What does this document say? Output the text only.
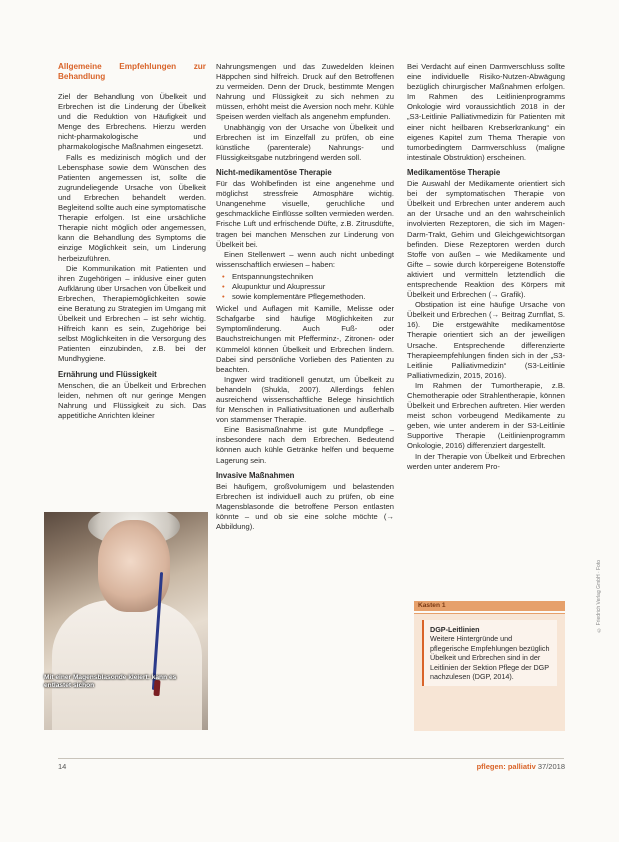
Allgemeine Empfehlungen zur Behandlung

Ziel der Behandlung von Übelkeit und Erbrechen ist die Linderung der Übelkeit und die Reduktion von Häufigkeit und Menge des Erbrechens. Hierzu werden nicht-pharmakologische und pharmakologische Maßnahmen eingesetzt.

Falls es medizinisch möglich und der Lebensphase sowie dem Wünschen des Patienten angemessen ist, sollte die zugrundeliegende Ursache von Übelkeit und Erbrechen behandelt werden. Begleitend sollte auch eine symptomatische Therapie erfolgen. Ist eine ursächliche Therapie nicht möglich oder angemessen, kann die Behandlung des Symptoms die einzige Möglichkeit sein, um Linderung herbeizuführen.

Die Kommunikation mit Patienten und ihren Zugehörigen – inklusive einer guten Aufklärung über Ursachen von Übelkeit und Erbrechen, Therapiemöglichkeiten sowie eine Beratung zu Strategien im Umgang mit Übelkeit und Erbrechen – ist sehr wichtig. Hilfreich kann es sein, Zugehörige bei selbst Möglichkeiten in die Versorgung des Patienten einzubinden, z.B. bei der Mundhygiene.

Ernährung und Flüssigkeit

Menschen, die an Übelkeit und Erbrechen leiden, nehmen oft nur geringe Mengen Nahrung und Flüssigkeit zu sich. Das appetitliche Anrichten kleiner

Mit einer Magensblasonde kleiert: kann es entlastet sichon

Nahrungsmengen und das Zuwedelden kleinen Häppchen sind hilfreich. Druck auf den Betroffenen zu vermeiden. Denn der Druck, bestimmte Mengen Nahrung und Flüssigkeit zu sich nehmen zu müssen, erhöht meist die Aversion noch mehr. Kühle Speisen werden vielfach als angenehm empfunden.

Unabhängig von der Ursache von Übelkeit und Erbrechen ist im Einzelfall zu prüfen, ob eine künstliche (parenterale) Nahrungs- und Flüssigkeitsgabe nutzbringend werden soll.

Nicht-medikamentöse Therapie

Für das Wohlbefinden ist eine angenehme und möglichst stressfreie Atmosphäre wichtig. Unangenehme visuelle, geruchliche und geschmackliche Einflüsse sollten vermieden werden. Frische Luft und erfrischende Düfte, z.B. Zitrusdüfte, tragen bei manchen Menschen zur Linderung von Übelkeit bei.

Einen Stellenwert – wenn auch nicht unbedingt wissenschaftlich erwiesen – haben:

• Entspannungstechniken
• Akupunktur und Akupressur
• sowie komplementäre Pflegemethoden.

Wickel und Auflagen mit Kamille, Melisse oder Schafgarbe sind häufige Möglichkeiten zur Symptomlinderung. Auch Fuß- oder Bauchstreichungen mit Pfefferminz-, Zitronen- oder Kümmelöl können Übelkeit und Erbrechen lindern. Dabei sind persönliche Vorlieben des Patienten zu beachten.

Ingwer wird traditionell genutzt, um Übelkeit zu behandeln (Shukla, 2007). Allerdings fehlen ausreichend wissenschaftliche Belege hinsichtlich für Menschen in Palliativsituationen und außerhalb von stammenser Therapie.

Eine Basismaßnahme ist gute Mundpflege – insbesondere nach dem Erbrechen. Bedeutend können auch kühle Getränke helfen und bequeme Lagerung sein.

Invasive Maßnahmen

Bei häufigem, großvolumigem und belastenden Erbrechen ist individuell auch zu prüfen, ob eine Magensblasonde die betroffene Person entlasten könnte – und ob sie eine solche möchte (→ Abbildung).

Bei Verdacht auf einen Darmverschluss sollte eine individuelle Risiko-Nutzen-Abwägung bezüglich chirurgischer Maßnahmen erfolgen. Im Rahmen des Leitlinienprogramms Onkologie wird voraussichtlich 2018 in der „S3-Leitlinie Palliativmedizin für Patienten mit einer nicht heilbaren Krebserkrankung“ ein eigenes Kapitel zum Thema Therapie von tumorbedingtem Darmverschluss (maligne intestinale Obstruktion) erscheinen.

Medikamentöse Therapie

Die Auswahl der Medikamente orientiert sich bei der symptomatischen Therapie von Übelkeit und Erbrechen unter anderem auch an der Ursache und an den wahrscheinlich involvierten Rezeptoren, die sich im Magen-Darm-Trakt, Gehirn und Gleichgewichtsorgan befinden. Diese Rezeptoren werden durch Stoffe von außen – wie Medikamente und Gifte – sowie durch körpereigene Botenstoffe aktiviert und vermitteln letztendlich die entsprechende Reaktion des Körpers mit Übelkeit und Erbrechen (→ Grafik).

Obstipation ist eine häufige Ursache von Übelkeit und Erbrechen (→ Beitrag Zurnflat, S. 16). Die erstgewählte medikamentöse Therapie orientiert sich an der jeweiligen Ursache. Entsprechende differenzierte Therapieempfehlungen finden sich in der „S3-Leitlinie Palliativmedizin“ (S3-Leitlinie Palliativmedizin, 2015, 2016).

Im Rahmen der Tumortherapie, z.B. Chemotherapie oder Strahlentherapie, können Übelkeit und Erbrechen auftreten. Hier werden meist schon vorbeugend Medikamente zu geben, wie unter anderem in der S3-Leitlinie Supportive Therapie (Leitlinienprogramm Onkologie, 2016) differenziert dargestellt.

In der Therapie von Übelkeit und Erbrechen werden unter anderem Pro-

Kasten 1
DGP-Leitlinien
Weitere Hintergründe und pflegerische Empfehlungen bezüglich Übelkeit und Erbrechen sind in der Leitlinien der Sektion Pflege der DGP nachzulesen (DGP, 2014).
© Friedrich Verlag GmbH · Foto
14	pflegen: palliativ 37/2018
